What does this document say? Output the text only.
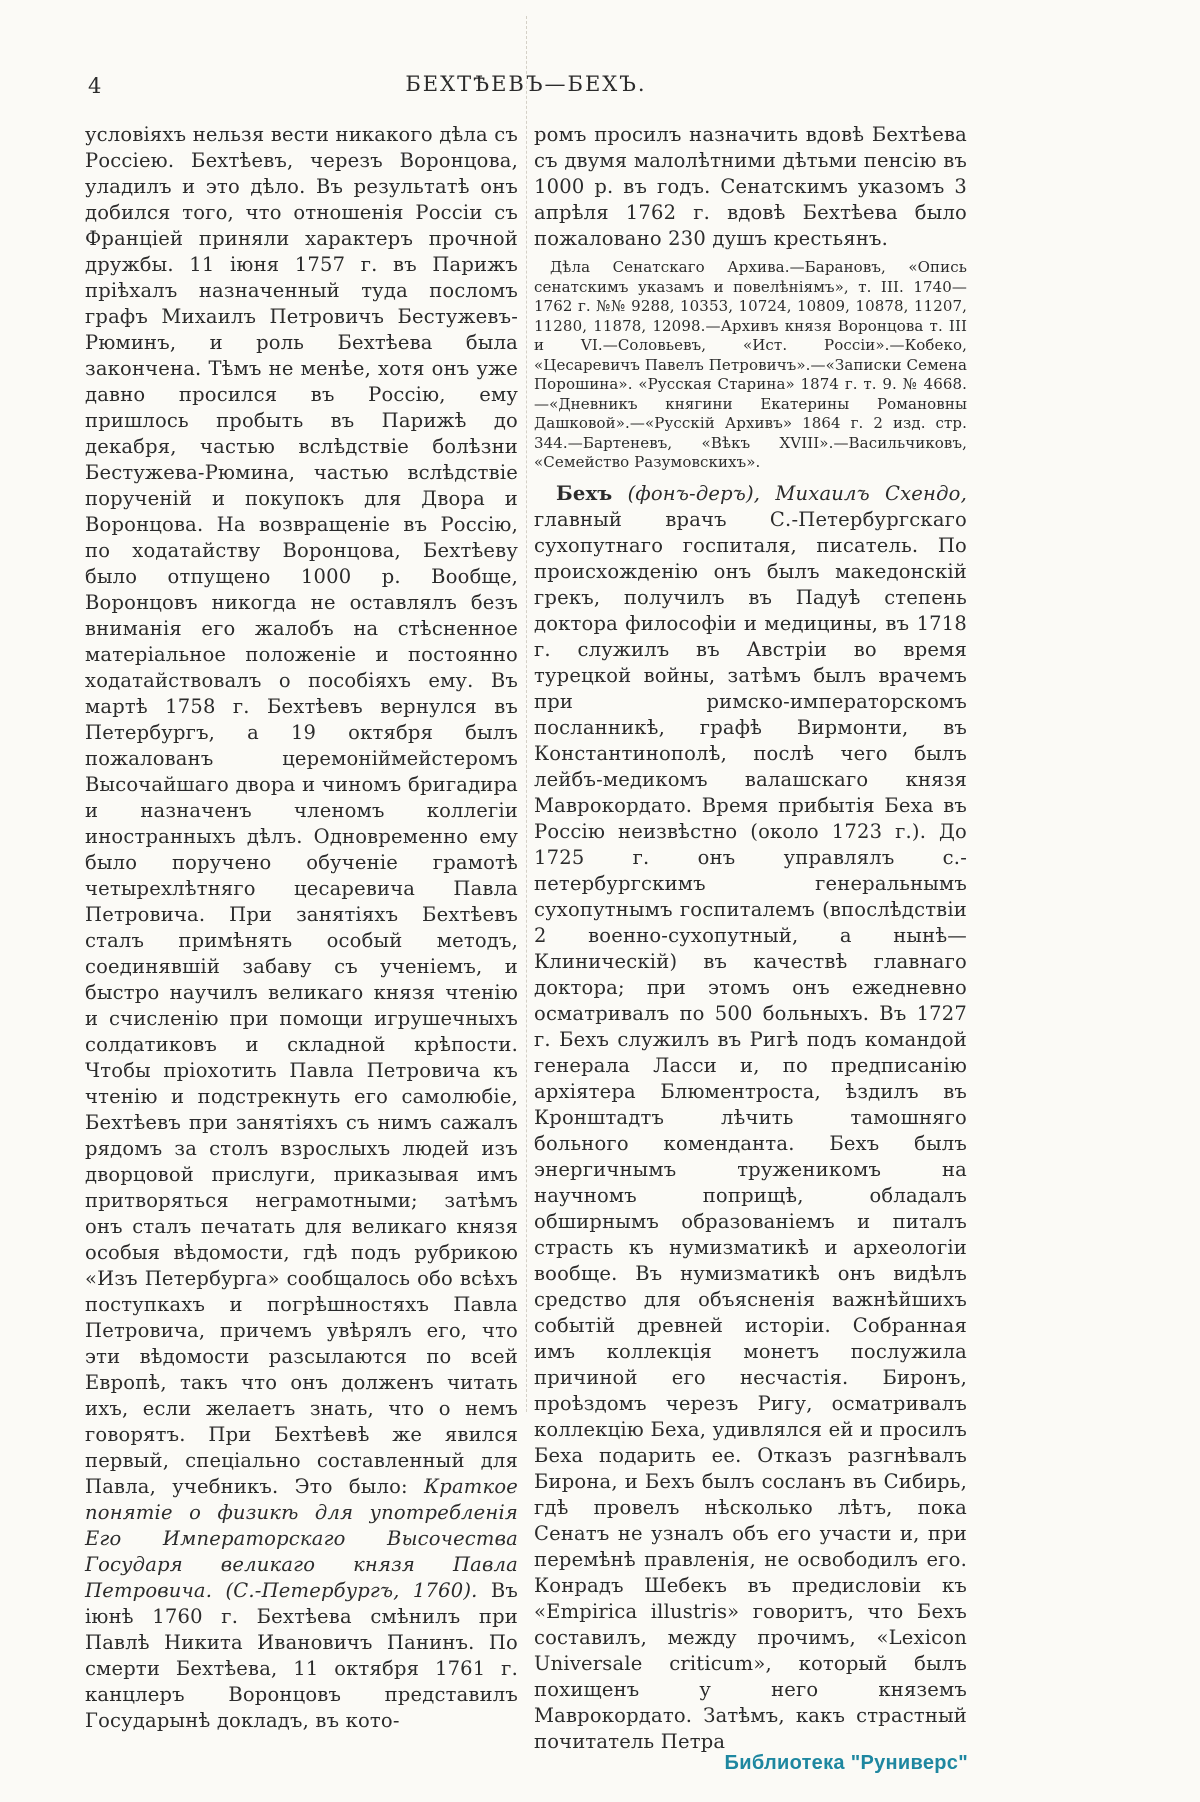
4	БЕХТѢЕВЪ—БЕХЪ.

условіяхъ нельзя вести никакого дѣла съ Россіею. Бехтѣевъ, черезъ Воронцова, уладилъ и это дѣло. Въ результатѣ онъ добился того, что отношенія Россіи съ Франціей приняли характеръ прочной дружбы. 11 іюня 1757 г. въ Парижъ пріѣхалъ назначенный туда посломъ графъ Михаилъ Петровичъ Бестужевъ-Рюминъ, и роль Бехтѣева была закончена. Тѣмъ не менѣе, хотя онъ уже давно просился въ Россію, ему пришлось пробыть въ Парижѣ до декабря, частью вслѣдствіе болѣзни Бестужева-Рюмина, частью вслѣдствіе порученій и покупокъ для Двора и Воронцова. На возвращеніе въ Россію, по ходатайству Воронцова, Бехтѣеву было отпущено 1000 р. Вообще, Воронцовъ никогда не оставлялъ безъ вниманія его жалобъ на стѣсненное матеріальное положеніе и постоянно ходатайствовалъ о пособіяхъ ему. Въ мартѣ 1758 г. Бехтѣевъ вернулся въ Петербургъ, а 19 октября былъ пожалованъ церемоніймейстеромъ Высочайшаго двора и чиномъ бригадира и назначенъ членомъ коллегіи иностранныхъ дѣлъ. Одновременно ему было поручено обученіе грамотѣ четырехлѣтняго цесаревича Павла Петровича. При занятіяхъ Бехтѣевъ сталъ примѣнять особый методъ, соединявшій забаву съ ученіемъ, и быстро научилъ великаго князя чтенію и счисленію при помощи игрушечныхъ солдатиковъ и складной крѣпости. Чтобы пріохотить Павла Петровича къ чтенію и подстрекнуть его самолюбіе, Бехтѣевъ при занятіяхъ съ нимъ сажалъ рядомъ за столъ взрослыхъ людей изъ дворцовой прислуги, приказывая имъ притворяться неграмотными; затѣмъ онъ сталъ печатать для великаго князя особыя вѣдомости, гдѣ подъ рубрикою «Изъ Петербурга» сообщалось обо всѣхъ поступкахъ и погрѣшностяхъ Павла Петровича, причемъ увѣрялъ его, что эти вѣдомости разсылаются по всей Европѣ, такъ что онъ долженъ читать ихъ, если желаетъ знать, что о немъ говорятъ. При Бехтѣевѣ же явился первый, спеціально составленный для Павла, учебникъ. Это было: Краткое понятіе о физикѣ для употребленія Его Императорскаго Высочества Государя великаго князя Павла Петровича. (С.-Петербургъ, 1760). Въ іюнѣ 1760 г. Бехтѣева смѣнилъ при Павлѣ Никита Ивановичъ Панинъ. По смерти Бехтѣева, 11 октября 1761 г. канцлеръ Воронцовъ представилъ Государынѣ докладъ, въ кото-

ромъ просилъ назначить вдовѣ Бехтѣева съ двумя малолѣтними дѣтьми пенсію въ 1000 р. въ годъ. Сенатскимъ указомъ 3 апрѣля 1762 г. вдовѣ Бехтѣева было пожаловано 230 душъ крестьянъ.

Дѣла Сенатскаго Архива.—Барановъ, «Опись сенатскимъ указамъ и повелѣніямъ», т. III. 1740—1762 г. №№ 9288, 10353, 10724, 10809, 10878, 11207, 11280, 11878, 12098.—Архивъ князя Воронцова т. III и VI.—Соловьевъ, «Ист. Россіи».—Кобеко, «Цесаревичъ Павелъ Петровичъ».—«Записки Семена Порошина». «Русская Старина» 1874 г. т. 9. № 4668.—«Дневникъ княгини Екатерины Романовны Дашковой».—«Русскій Архивъ» 1864 г. 2 изд. стр. 344.—Бартеневъ, «Вѣкъ XVIII».—Васильчиковъ, «Семейство Разумовскихъ».

Бехъ (фонъ-деръ), Михаилъ Схендо, главный врачъ С.-Петербургскаго сухопутнаго госпиталя, писатель. По происхожденію онъ былъ македонскій грекъ, получилъ въ Падуѣ степень доктора философіи и медицины, въ 1718 г. служилъ въ Австріи во время турецкой войны, затѣмъ былъ врачемъ при римско-императорскомъ посланникѣ, графѣ Вирмонти, въ Константинополѣ, послѣ чего былъ лейбъ-медикомъ валашскаго князя Маврокордато. Время прибытія Беха въ Россію неизвѣстно (около 1723 г.). До 1725 г. онъ управлялъ с.-петербургскимъ генеральнымъ сухопутнымъ госпиталемъ (впослѣдствіи 2 военно-сухопутный, а нынѣ—Клиническій) въ качествѣ главнаго доктора; при этомъ онъ ежедневно осматривалъ по 500 больныхъ. Въ 1727 г. Бехъ служилъ въ Ригѣ подъ командой генерала Ласси и, по предписанію архіятера Блюментроста, ѣздилъ въ Кронштадтъ лѣчить тамошняго больного коменданта. Бехъ былъ энергичнымъ труженикомъ на научномъ поприщѣ, обладалъ обширнымъ образованіемъ и питалъ страсть къ нумизматикѣ и археологіи вообще. Въ нумизматикѣ онъ видѣлъ средство для объясненія важнѣйшихъ событій древней исторіи. Собранная имъ коллекція монетъ послужила причиной его несчастія. Биронъ, проѣздомъ черезъ Ригу, осматривалъ коллекцію Беха, удивлялся ей и просилъ Беха подарить ее. Отказъ разгнѣвалъ Бирона, и Бехъ былъ сосланъ въ Сибирь, гдѣ провелъ нѣсколько лѣтъ, пока Сенатъ не узналъ объ его участи и, при перемѣнѣ правленія, не освободилъ его. Конрадъ Шебекъ въ предисловіи къ «Empirica illustris» говоритъ, что Бехъ составилъ, между прочимъ, «Lexicon Universale criticum», который былъ похищенъ у него княземъ Маврокордато. Затѣмъ, какъ страстный почитатель Петра

Библиотека "Руниверс"
